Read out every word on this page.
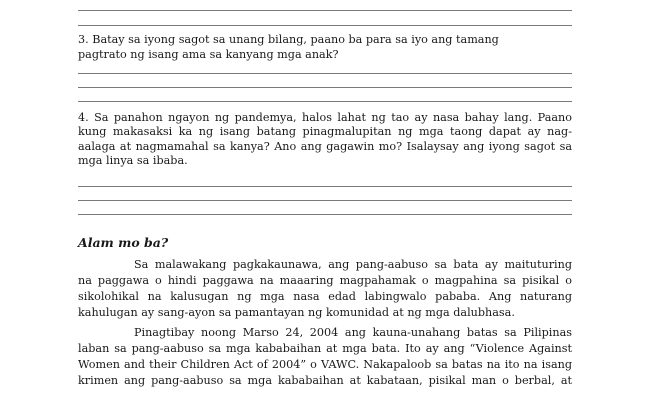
3. Batay sa iyong sagot sa unang bilang, paano ba para sa iyo ang tamang
pagtrato ng isang ama sa kanyang mga anak?
4. Sa panahon ngayon ng pandemya, halos lahat ng tao ay nasa bahay lang. Paano
kung makasaksi ka ng isang batang pinagmalupitan ng mga taong dapat ay nag-
aalaga at nagmamahal sa kanya? Ano ang gagawin mo? Isalaysay ang iyong sagot sa
mga linya sa ibaba.
Alam mo ba?
Sa malawakang pagkakaunawa, ang pang-aabuso sa bata ay maituturing
na paggawa o hindi paggawa na maaaring magpahamak o magpahina sa pisikal o
sikolohikal na kalusugan ng mga nasa edad labingwalo pababa. Ang naturang
kahulugan ay sang-ayon sa pamantayan ng komunidad at ng mga dalubhasa.
Pinagtibay noong Marso 24, 2004 ang kauna-unahang batas sa Pilipinas
laban sa pang-aabuso sa mga kababaihan at mga bata. Ito ay ang “Violence Against
Women and their Children Act of 2004” o VAWC. Nakapaloob sa batas na ito na isang
krimen ang pang-aabuso sa mga kababaihan at kabataan, pisikal man o berbal, at
